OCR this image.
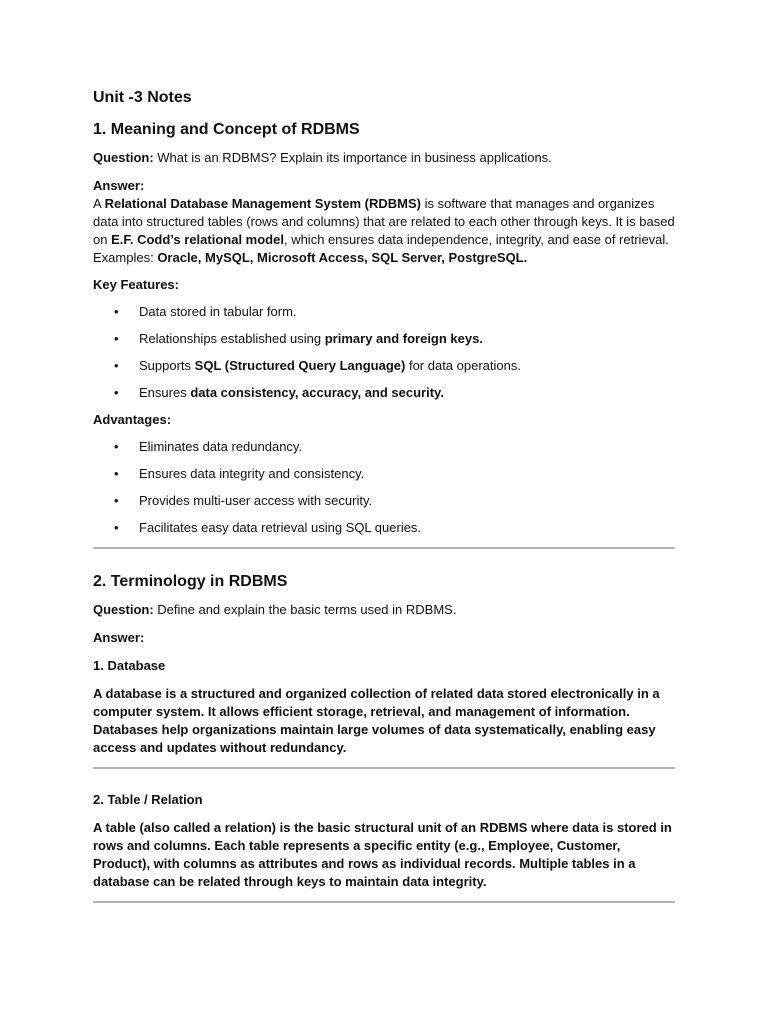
Unit -3 Notes
1. Meaning and Concept of RDBMS

Question: What is an RDBMS? Explain its importance in business applications.

Answer:

A Relational Database Management System (RDBMS) is software that manages and organizes data into structured tables (rows and columns) that are related to each other through keys. It is based on E.F. Codd’s relational model, which ensures data independence, integrity, and ease of retrieval. Examples: Oracle, MySQL, Microsoft Access, SQL Server, PostgreSQL.

Key Features:

• Data stored in tabular form.
• Relationships established using primary and foreign keys.
• Supports SQL (Structured Query Language) for data operations.
• Ensures data consistency, accuracy, and security.

Advantages:

• Eliminates data redundancy.
• Ensures data integrity and consistency.
• Provides multi-user access with security.
• Facilitates easy data retrieval using SQL queries.
2. Terminology in RDBMS

Question: Define and explain the basic terms used in RDBMS.

Answer:

1. Database

A database is a structured and organized collection of related data stored electronically in a computer system. It allows efficient storage, retrieval, and management of information. Databases help organizations maintain large volumes of data systematically, enabling easy access and updates without redundancy.

2. Table / Relation

A table (also called a relation) is the basic structural unit of an RDBMS where data is stored in rows and columns. Each table represents a specific entity (e.g., Employee, Customer, Product), with columns as attributes and rows as individual records. Multiple tables in a database can be related through keys to maintain data integrity.
